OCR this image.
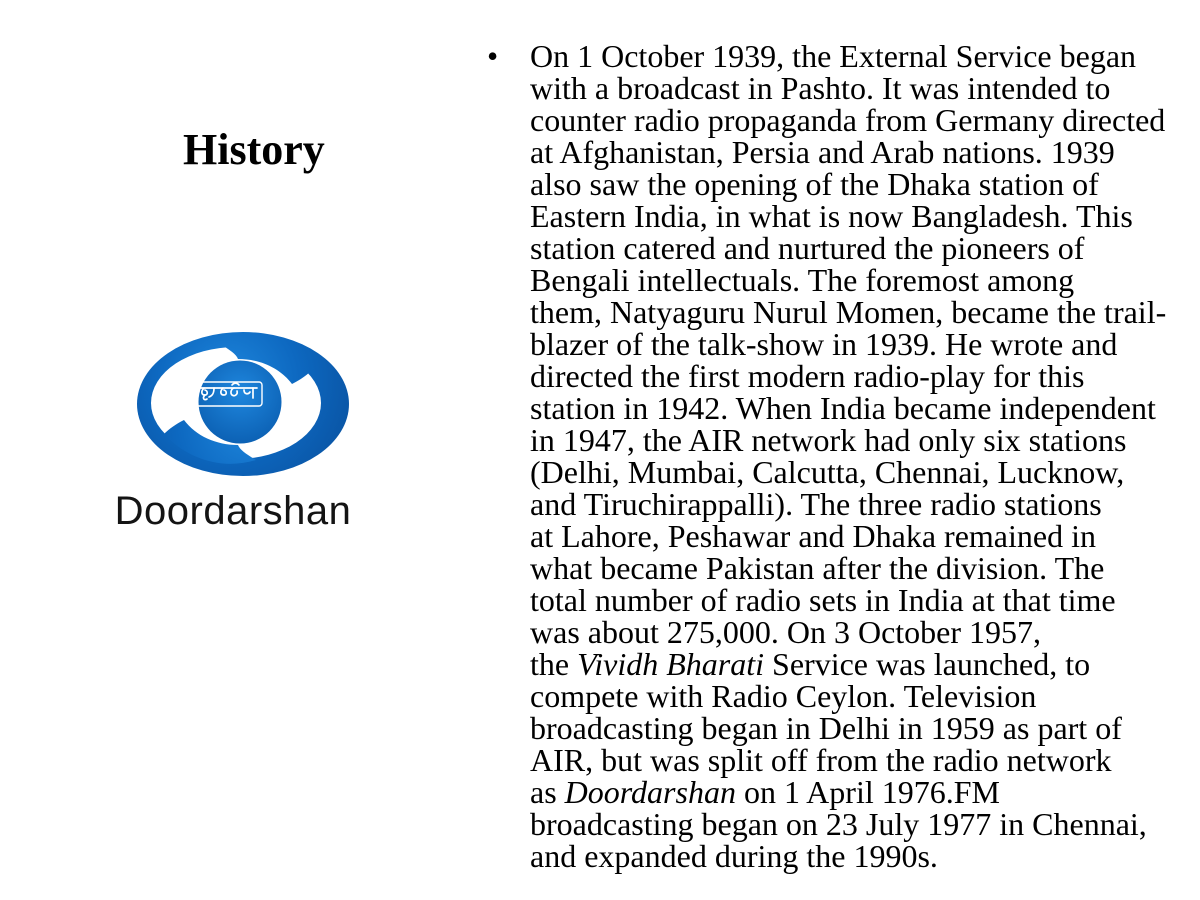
History
Doordarshan
• On 1 October 1939, the External Service began
with a broadcast in Pashto. It was intended to
counter radio propaganda from Germany directed
at Afghanistan, Persia and Arab nations. 1939
also saw the opening of the Dhaka station of
Eastern India, in what is now Bangladesh. This
station catered and nurtured the pioneers of
Bengali intellectuals. The foremost among
them, Natyaguru Nurul Momen, became the trail-
blazer of the talk-show in 1939. He wrote and
directed the first modern radio-play for this
station in 1942. When India became independent
in 1947, the AIR network had only six stations
(Delhi, Mumbai, Calcutta, Chennai, Lucknow,
and Tiruchirappalli). The three radio stations
at Lahore, Peshawar and Dhaka remained in
what became Pakistan after the division. The
total number of radio sets in India at that time
was about 275,000. On 3 October 1957,
the Vividh Bharati Service was launched, to
compete with Radio Ceylon. Television
broadcasting began in Delhi in 1959 as part of
AIR, but was split off from the radio network
as Doordarshan on 1 April 1976.FM
broadcasting began on 23 July 1977 in Chennai,
and expanded during the 1990s.
